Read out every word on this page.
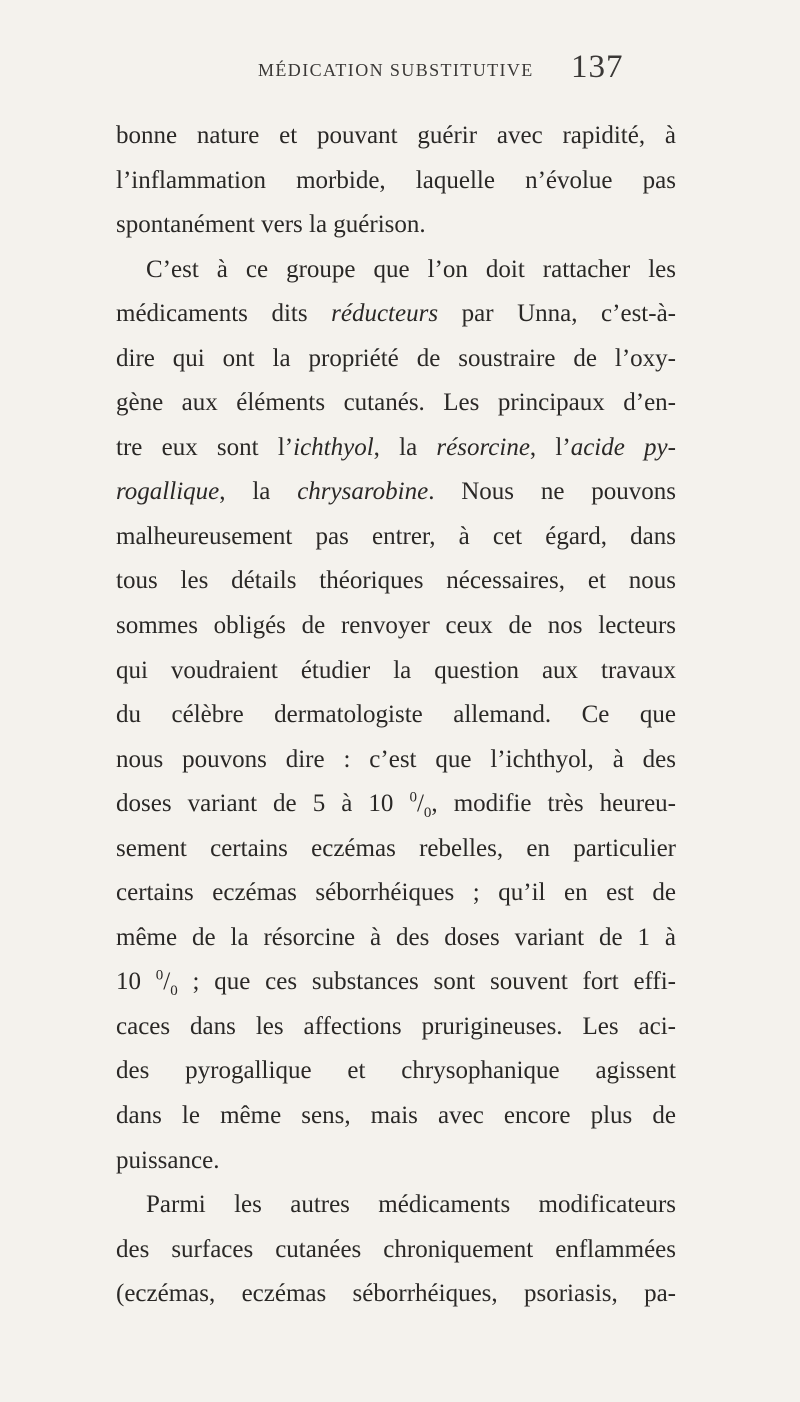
MÉDICATION SUBSTITUTIVE 137
bonne nature et pouvant guérir avec rapidité, à
l’inflammation morbide, laquelle n’évolue pas
spontanément vers la guérison.
C’est à ce groupe que l’on doit rattacher les
médicaments dits réducteurs par Unna, c’est-à-
dire qui ont la propriété de soustraire de l’oxy-
gène aux éléments cutanés. Les principaux d’en-
tre eux sont l’ichthyol, la résorcine, l’acide py-
rogallique, la chrysarobine. Nous ne pouvons
malheureusement pas entrer, à cet égard, dans
tous les détails théoriques nécessaires, et nous
sommes obligés de renvoyer ceux de nos lecteurs
qui voudraient étudier la question aux travaux
du célèbre dermatologiste allemand. Ce que
nous pouvons dire : c’est que l’ichthyol, à des
doses variant de 5 à 10 $^0/_0$, modifie très heureu-
sement certains eczémas rebelles, en particulier
certains eczémas séborrhéiques ; qu’il en est de
même de la résorcine à des doses variant de 1 à
10 $^0/_0$ ; que ces substances sont souvent fort effi-
caces dans les affections prurigineuses. Les aci-
des pyrogallique et chrysophanique agissent
dans le même sens, mais avec encore plus de
puissance.
Parmi les autres médicaments modificateurs
des surfaces cutanées chroniquement enflammées
(eczémas, eczémas séborrhéiques, psoriasis, pa-
